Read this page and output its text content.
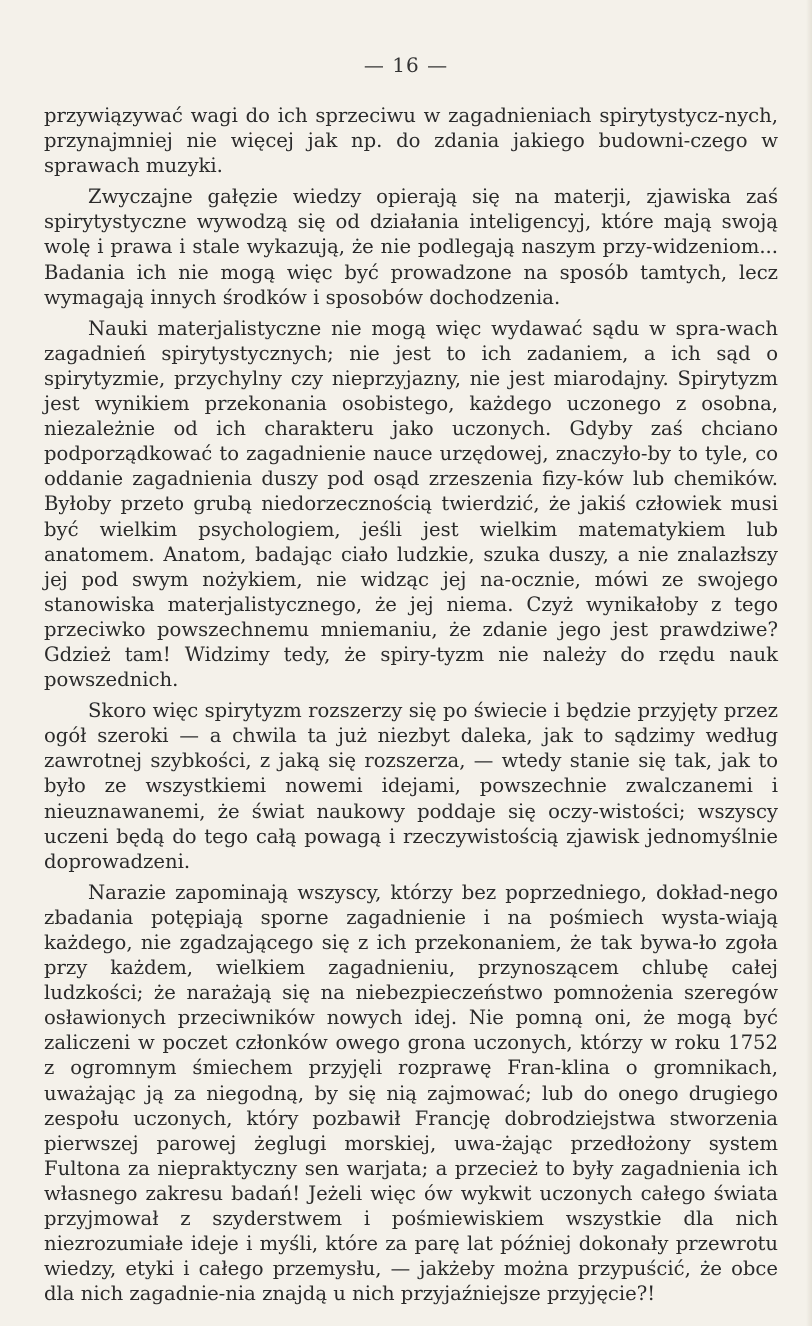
— 16 —

przywiązywać wagi do ich sprzeciwu w zagadnieniach spirytystycz-nych, przynajmniej nie więcej jak np. do zdania jakiego budowni-czego w sprawach muzyki.

Zwyczajne gałęzie wiedzy opierają się na materji, zjawiska zaś spirytystyczne wywodzą się od działania inteligencyj, które mają swoją wolę i prawa i stale wykazują, że nie podlegają naszym przy-widzeniom... Badania ich nie mogą więc być prowadzone na sposób tamtych, lecz wymagają innych środków i sposobów dochodzenia.

Nauki materjalistyczne nie mogą więc wydawać sądu w spra-wach zagadnień spirytystycznych; nie jest to ich zadaniem, a ich sąd o spirytyzmie, przychylny czy nieprzyjazny, nie jest miarodajny. Spirytyzm jest wynikiem przekonania osobistego, każdego uczonego z osobna, niezależnie od ich charakteru jako uczonych. Gdyby zaś chciano podporządkować to zagadnienie nauce urzędowej, znaczyło-by to tyle, co oddanie zagadnienia duszy pod osąd zrzeszenia fizy-ków lub chemików. Byłoby przeto grubą niedorzecznością twierdzić, że jakiś człowiek musi być wielkim psychologiem, jeśli jest wielkim matematykiem lub anatomem. Anatom, badając ciało ludzkie, szuka duszy, a nie znalazłszy jej pod swym nożykiem, nie widząc jej na-ocznie, mówi ze swojego stanowiska materjalistycznego, że jej niema. Czyż wynikałoby z tego przeciwko powszechnemu mniemaniu, że zdanie jego jest prawdziwe? Gdzież tam! Widzimy tedy, że spiry-tyzm nie należy do rzędu nauk powszednich.

Skoro więc spirytyzm rozszerzy się po świecie i będzie przyjęty przez ogół szeroki — a chwila ta już niezbyt daleka, jak to sądzimy według zawrotnej szybkości, z jaką się rozszerza, — wtedy stanie się tak, jak to było ze wszystkiemi nowemi idejami, powszechnie zwalczanemi i nieuznawanemi, że świat naukowy poddaje się oczy-wistości; wszyscy uczeni będą do tego całą powagą i rzeczywistością zjawisk jednomyślnie doprowadzeni.

Narazie zapominają wszyscy, którzy bez poprzedniego, dokład-nego zbadania potępiają sporne zagadnienie i na pośmiech wysta-wiają każdego, nie zgadzającego się z ich przekonaniem, że tak bywa-ło zgoła przy każdem, wielkiem zagadnieniu, przynoszącem chlubę całej ludzkości; że narażają się na niebezpieczeństwo pomnożenia szeregów osławionych przeciwników nowych idej. Nie pomną oni, że mogą być zaliczeni w poczet członków owego grona uczonych, którzy w roku 1752 z ogromnym śmiechem przyjęli rozprawę Fran-klina o gromnikach, uważając ją za niegodną, by się nią zajmować; lub do onego drugiego zespołu uczonych, który pozbawił Francję dobrodziejstwa stworzenia pierwszej parowej żeglugi morskiej, uwa-żając przedłożony system Fultona za niepraktyczny sen warjata; a przecież to były zagadnienia ich własnego zakresu badań! Jeżeli więc ów wykwit uczonych całego świata przyjmował z szyderstwem i pośmiewiskiem wszystkie dla nich niezrozumiałe ideje i myśli, które za parę lat później dokonały przewrotu wiedzy, etyki i całego przemysłu, — jakżeby można przypuścić, że obce dla nich zagadnie-nia znajdą u nich przyjaźniejsze przyjęcie?!
